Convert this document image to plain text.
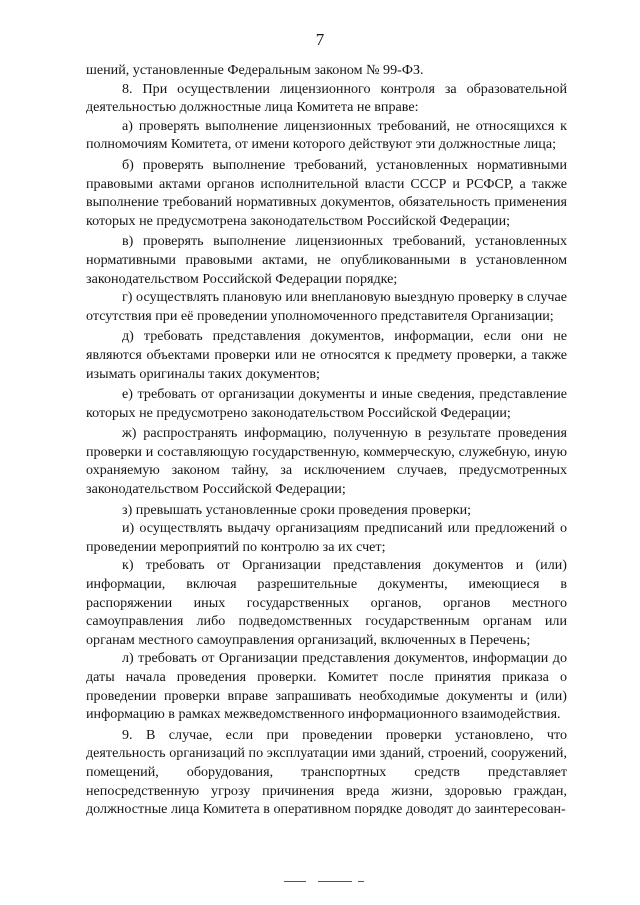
7

шений, установленные Федеральным законом № 99-ФЗ.

8. При осуществлении лицензионного контроля за образовательной деятельностью должностные лица Комитета не вправе:

а) проверять выполнение лицензионных требований, не относящихся к полномочиям Комитета, от имени которого действуют эти должностные лица;

б) проверять выполнение требований, установленных нормативными правовыми актами органов исполнительной власти СССР и РСФСР, а также выполнение требований нормативных документов, обязательность применения которых не предусмотрена законодательством Российской Федерации;

в) проверять выполнение лицензионных требований, установленных нормативными правовыми актами, не опубликованными в установленном законодательством Российской Федерации порядке;

г) осуществлять плановую или внеплановую выездную проверку в случае отсутствия при её проведении уполномоченного представителя Организации;

д) требовать представления документов, информации, если они не являются объектами проверки или не относятся к предмету проверки, а также изымать оригиналы таких документов;

е) требовать от организации документы и иные сведения, представление которых не предусмотрено законодательством Российской Федерации;

ж) распространять информацию, полученную в результате проведения проверки и составляющую государственную, коммерческую, служебную, иную охраняемую законом тайну, за исключением случаев, предусмотренных законодательством Российской Федерации;

з) превышать установленные сроки проведения проверки;

и) осуществлять выдачу организациям предписаний или предложений о проведении мероприятий по контролю за их счет;

к) требовать от Организации представления документов и (или) информации, включая разрешительные документы, имеющиеся в распоряжении иных государственных органов, органов местного самоуправления либо подведомственных государственным органам или органам местного самоуправления организаций, включенных в Перечень;

л) требовать от Организации представления документов, информации до даты начала проведения проверки. Комитет после принятия приказа о проведении проверки вправе запрашивать необходимые документы и (или) информацию в рамках межведомственного информационного взаимодействия.

9. В случае, если при проведении проверки установлено, что деятельность организаций по эксплуатации ими зданий, строений, сооружений, помещений, оборудования, транспортных средств представляет непосредственную угрозу причинения вреда жизни, здоровью граждан, должностные лица Комитета в оперативном порядке доводят до заинтересован-
